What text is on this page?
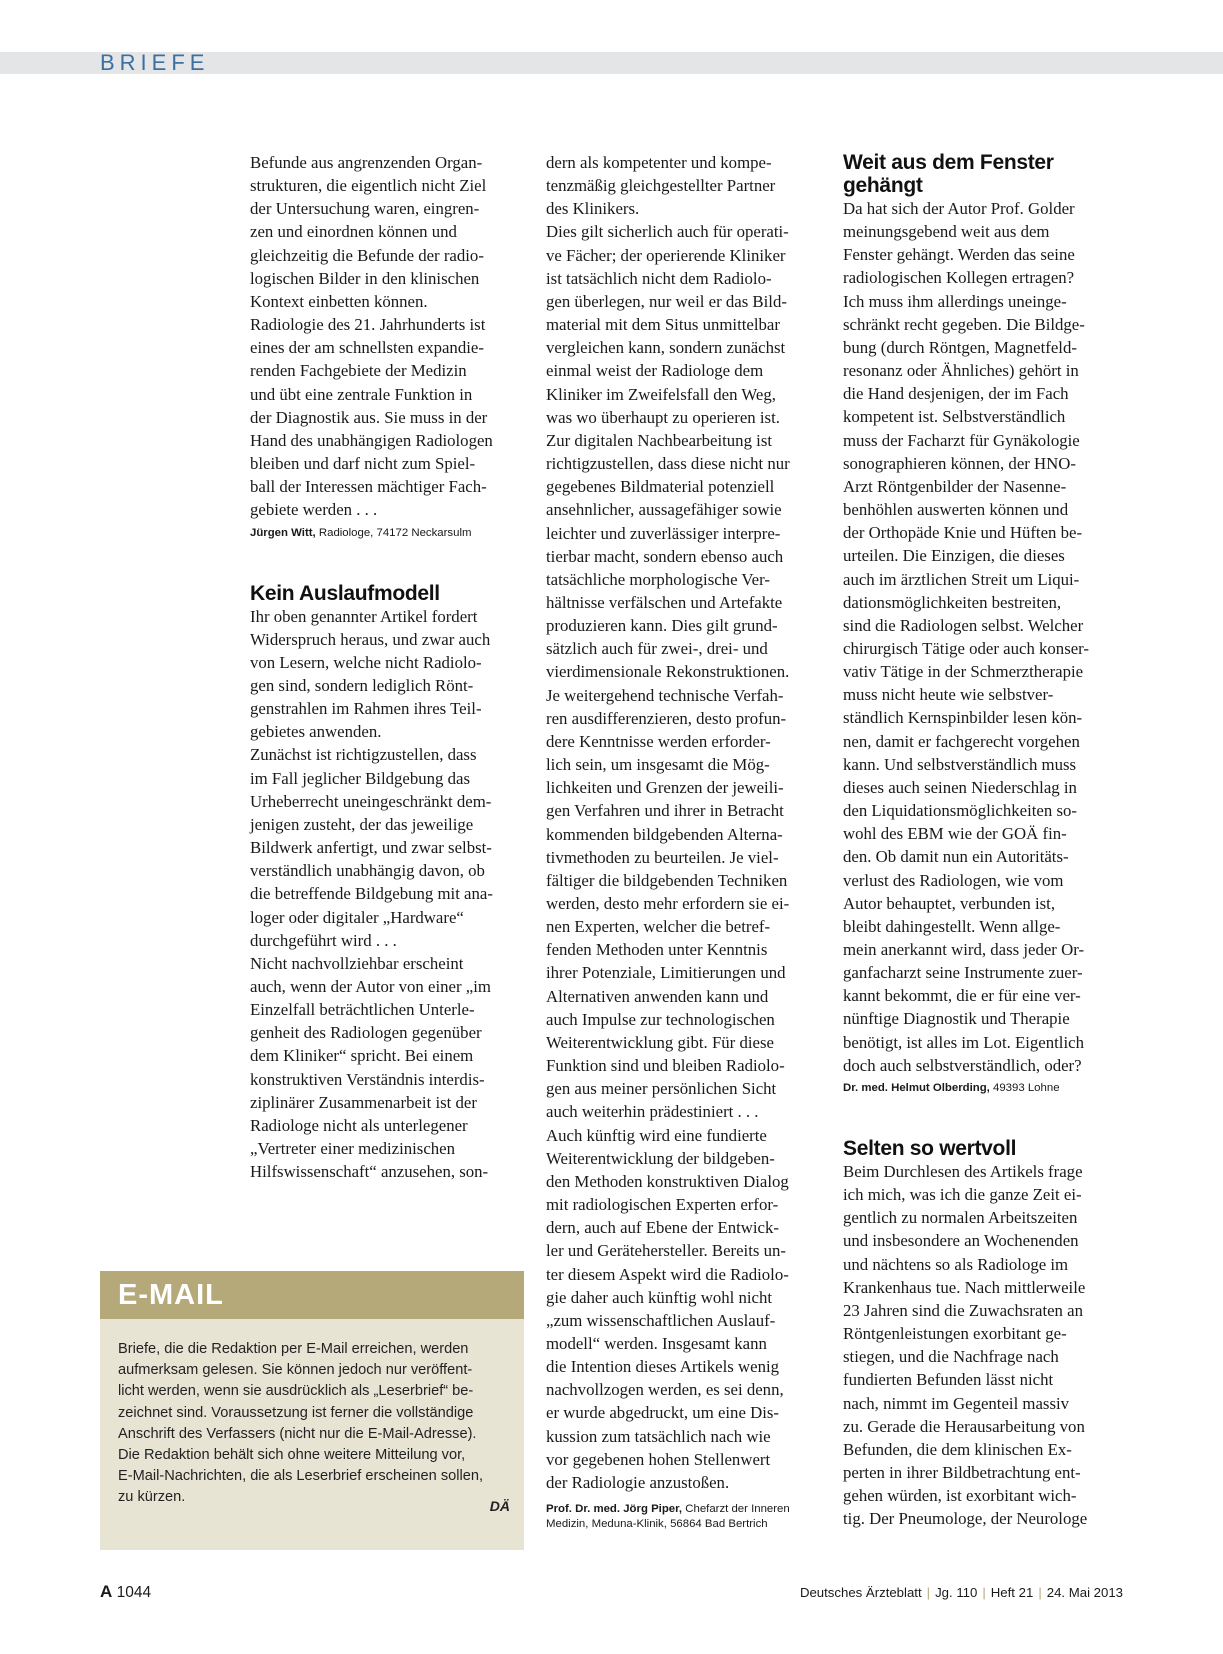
BRIEFE
Befunde aus angrenzenden Organ-
strukturen, die eigentlich nicht Ziel
der Untersuchung waren, eingren-
zen und einordnen können und
gleichzeitig die Befunde der radio-
logischen Bilder in den klinischen
Kontext einbetten können.
Radiologie des 21. Jahrhunderts ist
eines der am schnellsten expandie-
renden Fachgebiete der Medizin
und übt eine zentrale Funktion in
der Diagnostik aus. Sie muss in der
Hand des unabhängigen Radiologen
bleiben und darf nicht zum Spiel-
ball der Interessen mächtiger Fach-
gebiete werden . . .
Jürgen Witt, Radiologe, 74172 Neckarsulm
Kein Auslaufmodell
Ihr oben genannter Artikel fordert
Widerspruch heraus, und zwar auch
von Lesern, welche nicht Radiolo-
gen sind, sondern lediglich Rönt-
genstrahlen im Rahmen ihres Teil-
gebietes anwenden.
Zunächst ist richtigzustellen, dass
im Fall jeglicher Bildgebung das
Urheberrecht uneingeschränkt dem-
jenigen zusteht, der das jeweilige
Bildwerk anfertigt, und zwar selbst-
verständlich unabhängig davon, ob
die betreffende Bildgebung mit ana-
loger oder digitaler „Hardware“
durchgeführt wird . . .
Nicht nachvollziehbar erscheint
auch, wenn der Autor von einer „im
Einzelfall beträchtlichen Unterle-
genheit des Radiologen gegenüber
dem Kliniker“ spricht. Bei einem
konstruktiven Verständnis interdis-
ziplinärer Zusammenarbeit ist der
Radiologe nicht als unterlegener
„Vertreter einer medizinischen
Hilfswissenschaft“ anzusehen, son-
dern als kompetenter und kompe-
tenzmäßig gleichgestellter Partner
des Klinikers.
Dies gilt sicherlich auch für operati-
ve Fächer; der operierende Kliniker
ist tatsächlich nicht dem Radiolo-
gen überlegen, nur weil er das Bild-
material mit dem Situs unmittelbar
vergleichen kann, sondern zunächst
einmal weist der Radiologe dem
Kliniker im Zweifelsfall den Weg,
was wo überhaupt zu operieren ist.
Zur digitalen Nachbearbeitung ist
richtigzustellen, dass diese nicht nur
gegebenes Bildmaterial potenziell
ansehnlicher, aussagefähiger sowie
leichter und zuverlässiger interpre-
tierbar macht, sondern ebenso auch
tatsächliche morphologische Ver-
hältnisse verfälschen und Artefakte
produzieren kann. Dies gilt grund-
sätzlich auch für zwei-, drei- und
vierdimensionale Rekonstruktionen.
Je weitergehend technische Verfah-
ren ausdifferenzieren, desto profun-
dere Kenntnisse werden erforder-
lich sein, um insgesamt die Mög-
lichkeiten und Grenzen der jeweili-
gen Verfahren und ihrer in Betracht
kommenden bildgebenden Alterna-
tivmethoden zu beurteilen. Je viel-
fältiger die bildgebenden Techniken
werden, desto mehr erfordern sie ei-
nen Experten, welcher die betref-
fenden Methoden unter Kenntnis
ihrer Potenziale, Limitierungen und
Alternativen anwenden kann und
auch Impulse zur technologischen
Weiterentwicklung gibt. Für diese
Funktion sind und bleiben Radiolo-
gen aus meiner persönlichen Sicht
auch weiterhin prädestiniert . . .
Auch künftig wird eine fundierte
Weiterentwicklung der bildgeben-
den Methoden konstruktiven Dialog
mit radiologischen Experten erfor-
dern, auch auf Ebene der Entwick-
ler und Gerätehersteller. Bereits un-
ter diesem Aspekt wird die Radiolo-
gie daher auch künftig wohl nicht
„zum wissenschaftlichen Auslauf-
modell“ werden. Insgesamt kann
die Intention dieses Artikels wenig
nachvollzogen werden, es sei denn,
er wurde abgedruckt, um eine Dis-
kussion zum tatsächlich nach wie
vor gegebenen hohen Stellenwert
der Radiologie anzustoßen.
Prof. Dr. med. Jörg Piper, Chefarzt der Inneren
Medizin, Meduna-Klinik, 56864 Bad Bertrich
Weit aus dem Fenster
gehängt
Da hat sich der Autor Prof. Golder
meinungsgebend weit aus dem
Fenster gehängt. Werden das seine
radiologischen Kollegen ertragen?
Ich muss ihm allerdings uneinge-
schränkt recht gegeben. Die Bildge-
bung (durch Röntgen, Magnetfeld-
resonanz oder Ähnliches) gehört in
die Hand desjenigen, der im Fach
kompetent ist. Selbstverständlich
muss der Facharzt für Gynäkologie
sonographieren können, der HNO-
Arzt Röntgenbilder der Nasenne-
benhöhlen auswerten können und
der Orthopäde Knie und Hüften be-
urteilen. Die Einzigen, die dieses
auch im ärztlichen Streit um Liqui-
dationsmöglichkeiten bestreiten,
sind die Radiologen selbst. Welcher
chirurgisch Tätige oder auch konser-
vativ Tätige in der Schmerztherapie
muss nicht heute wie selbstver-
ständlich Kernspinbilder lesen kön-
nen, damit er fachgerecht vorgehen
kann. Und selbstverständlich muss
dieses auch seinen Niederschlag in
den Liquidationsmöglichkeiten so-
wohl des EBM wie der GOÄ fin-
den. Ob damit nun ein Autoritäts-
verlust des Radiologen, wie vom
Autor behauptet, verbunden ist,
bleibt dahingestellt. Wenn allge-
mein anerkannt wird, dass jeder Or-
ganfacharzt seine Instrumente zuer-
kannt bekommt, die er für eine ver-
nünftige Diagnostik und Therapie
benötigt, ist alles im Lot. Eigentlich
doch auch selbstverständlich, oder?
Dr. med. Helmut Olberding, 49393 Lohne
Selten so wertvoll
Beim Durchlesen des Artikels frage
ich mich, was ich die ganze Zeit ei-
gentlich zu normalen Arbeitszeiten
und insbesondere an Wochenenden
und nächtens so als Radiologe im
Krankenhaus tue. Nach mittlerweile
23 Jahren sind die Zuwachsraten an
Röntgenleistungen exorbitant ge-
stiegen, und die Nachfrage nach
fundierten Befunden lässt nicht
nach, nimmt im Gegenteil massiv
zu. Gerade die Herausarbeitung von
Befunden, die dem klinischen Ex-
perten in ihrer Bildbetrachtung ent-
gehen würden, ist exorbitant wich-
tig. Der Pneumologe, der Neurologe
E-MAIL
Briefe, die die Redaktion per E-Mail erreichen, werden
aufmerksam gelesen. Sie können jedoch nur veröffent-
licht werden, wenn sie ausdrücklich als „Leserbrief“ be-
zeichnet sind. Voraussetzung ist ferner die vollständige
Anschrift des Verfassers (nicht nur die E-Mail-Adresse).
Die Redaktion behält sich ohne weitere Mitteilung vor,
E-Mail-Nachrichten, die als Leserbrief erscheinen sollen,
zu kürzen.
DÄ
A 1044	Deutsches Ärzteblatt | Jg. 110 | Heft 21 | 24. Mai 2013
